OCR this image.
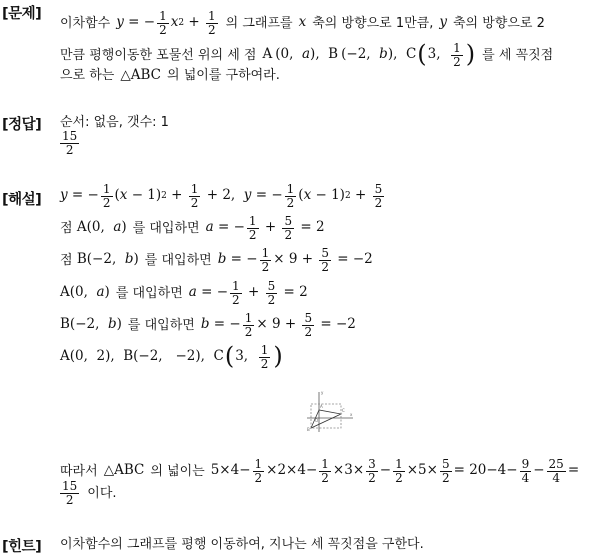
[문제]
이차함수 y = − $\frac{1}{2}$ x $2 + \frac{1}{2}$ 의 그래프를 x 축의 방향으로 1만큼, y 축의 방향으로 2
만큼 평행이동한 포물선 위의 세 점 A (0,  a) ,  B (−2,  b) ,  C ( 3, $\frac{1}{2}$ ) 를 세 꼭짓점
으로 하는 △ABC 의 넓이를 구하여라.
[정답] 순서: 없음, 갯수: 1
$\frac{15}{2}$
[해설] y = − $\frac{1}{2}$ ( x − 1) $2 + \frac{1}{2} + 2$, y = − $\frac{1}{2}$ ( x − 1) $2 + \frac{5}{2}$
점 A(0, a ) 를 대입하면 a = − $\frac{1}{2} + \frac{5}{2} = 2$
점 B(−2, b ) 를 대입하면 b = − $\frac{1}{2} \times 9 + \frac{5}{2} = -2$
A(0, a ) 를 대입하면 a = − $\frac{1}{2} + \frac{5}{2} = 2$
B(−2, b ) 를 대입하면 b = − $\frac{1}{2} \times 9 + \frac{5}{2} = -2$
A(0,  2),  B(−2,   −2),  C ( 3, $\frac{1}{2}$ )
y
x
O
A
B
C
따라서 △ABC 의 넓이는 $5\times 4- \frac{1}{2} \times 2\times 4- \frac{1}{2} \times 3\times \frac{3}{2} - \frac{1}{2} \times 5\times \frac{5}{2} = 20-4- \frac{9}{4} - \frac{25}{4}$ =
$\frac{15}{2}$ 이다.
[힌트] 이차함수의 그래프를 평행 이동하여, 지나는 세 꼭짓점을 구한다.
